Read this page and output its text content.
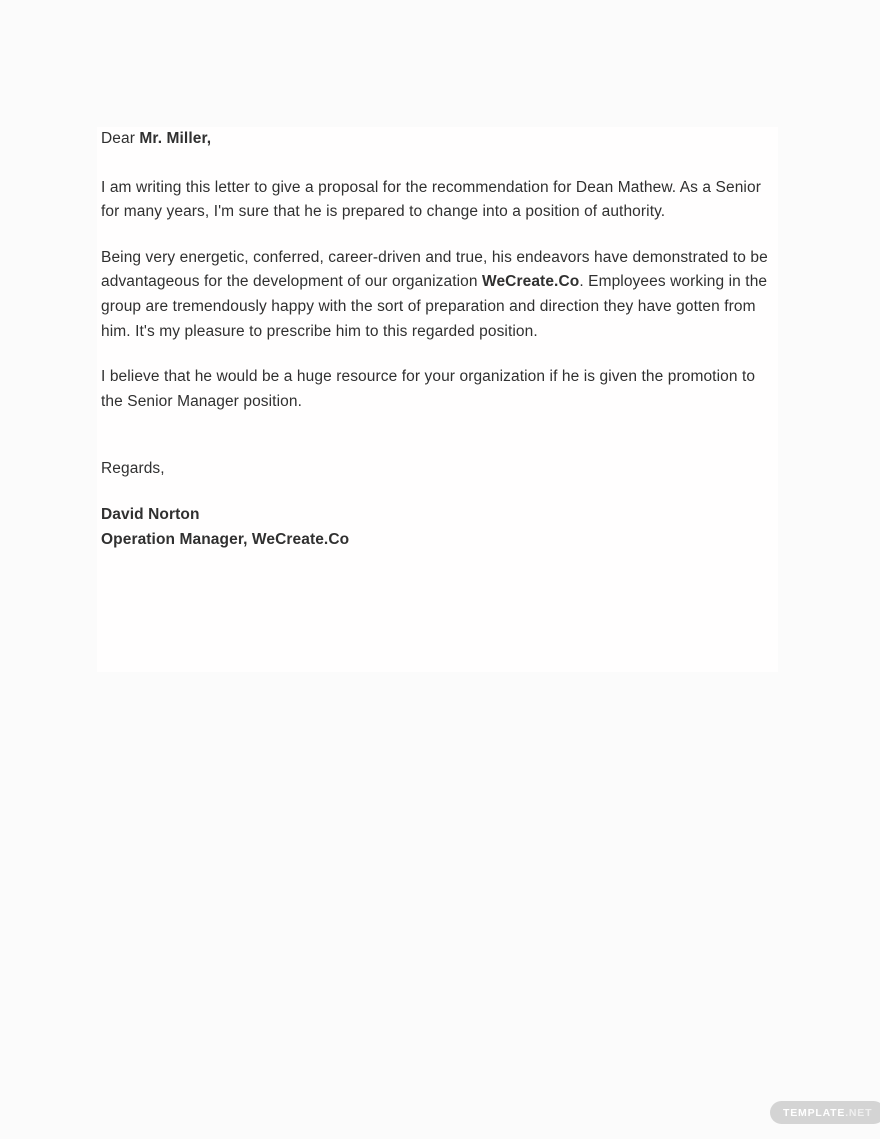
Dear Mr. Miller,

I am writing this letter to give a proposal for the recommendation for Dean Mathew. As a Senior for many years, I'm sure that he is prepared to change into a position of authority.

Being very energetic, conferred, career-driven and true, his endeavors have demonstrated to be advantageous for the development of our organization WeCreate.Co. Employees working in the group are tremendously happy with the sort of preparation and direction they have gotten from him. It's my pleasure to prescribe him to this regarded position.

I believe that he would be a huge resource for your organization if he is given the promotion to the Senior Manager position.

Regards,

David Norton
Operation Manager, WeCreate.Co

TEMPLATE .NET
